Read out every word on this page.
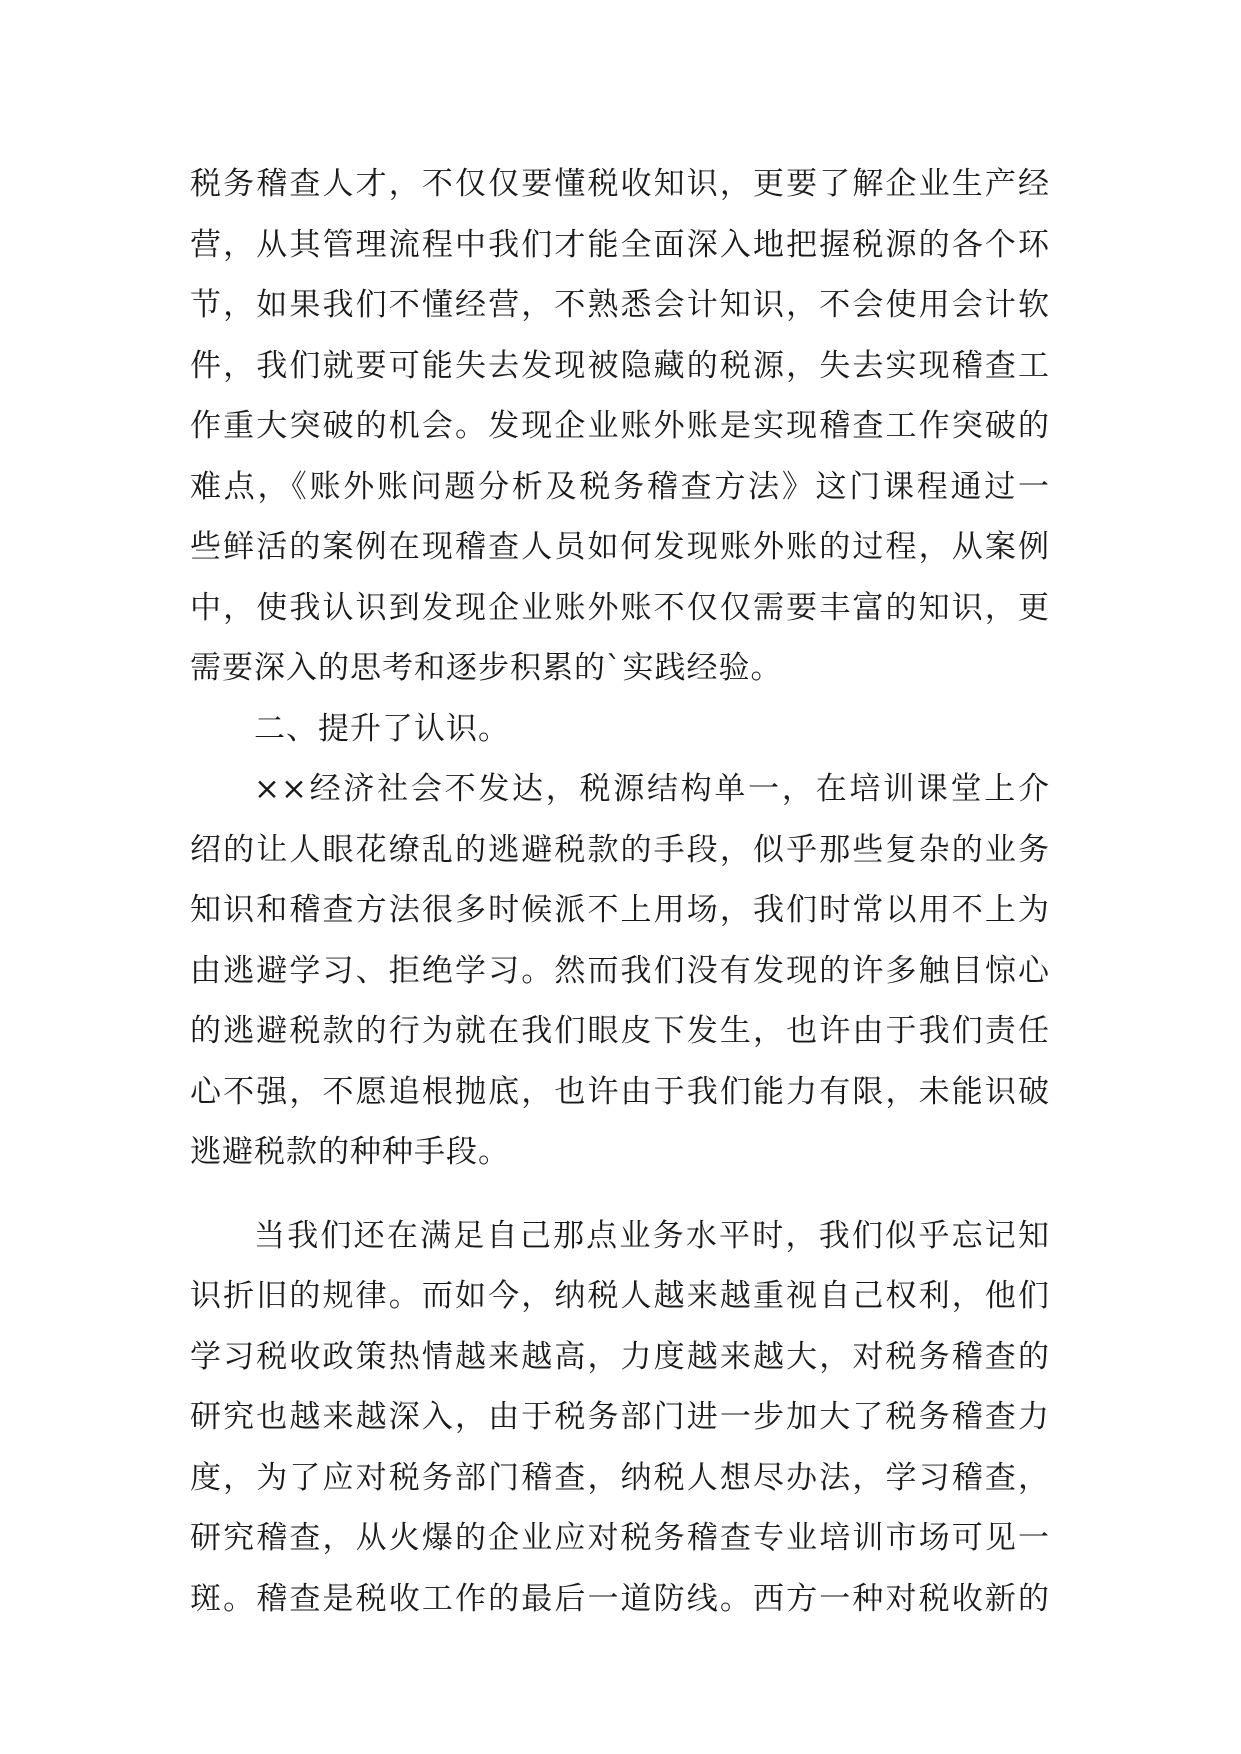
税务稽查人才，不仅仅要懂税收知识，更要了解企业生产经
营，从其管理流程中我们才能全面深入地把握税源的各个环
节，如果我们不懂经营，不熟悉会计知识，不会使用会计软
件，我们就要可能失去发现被隐藏的税源，失去实现稽查工
作重大突破的机会。发现企业账外账是实现稽查工作突破的
难点，《账外账问题分析及税务稽查方法》这门课程通过一
些鲜活的案例在现稽查人员如何发现账外账的过程，从案例
中，使我认识到发现企业账外账不仅仅需要丰富的知识，更
需要深入的思考和逐步积累的`实践经验。
二、提升了认识。
××经济社会不发达，税源结构单一，在培训课堂上介
绍的让人眼花缭乱的逃避税款的手段，似乎那些复杂的业务
知识和稽查方法很多时候派不上用场，我们时常以用不上为
由逃避学习、拒绝学习。然而我们没有发现的许多触目惊心
的逃避税款的行为就在我们眼皮下发生，也许由于我们责任
心不强，不愿追根抛底，也许由于我们能力有限，未能识破
逃避税款的种种手段。
当我们还在满足自己那点业务水平时，我们似乎忘记知
识折旧的规律。而如今，纳税人越来越重视自己权利，他们
学习税收政策热情越来越高，力度越来越大，对税务稽查的
研究也越来越深入，由于税务部门进一步加大了税务稽查力
度，为了应对税务部门稽查，纳税人想尽办法，学习稽查，
研究稽查，从火爆的企业应对税务稽查专业培训市场可见一
斑。稽查是税收工作的最后一道防线。西方一种对税收新的
